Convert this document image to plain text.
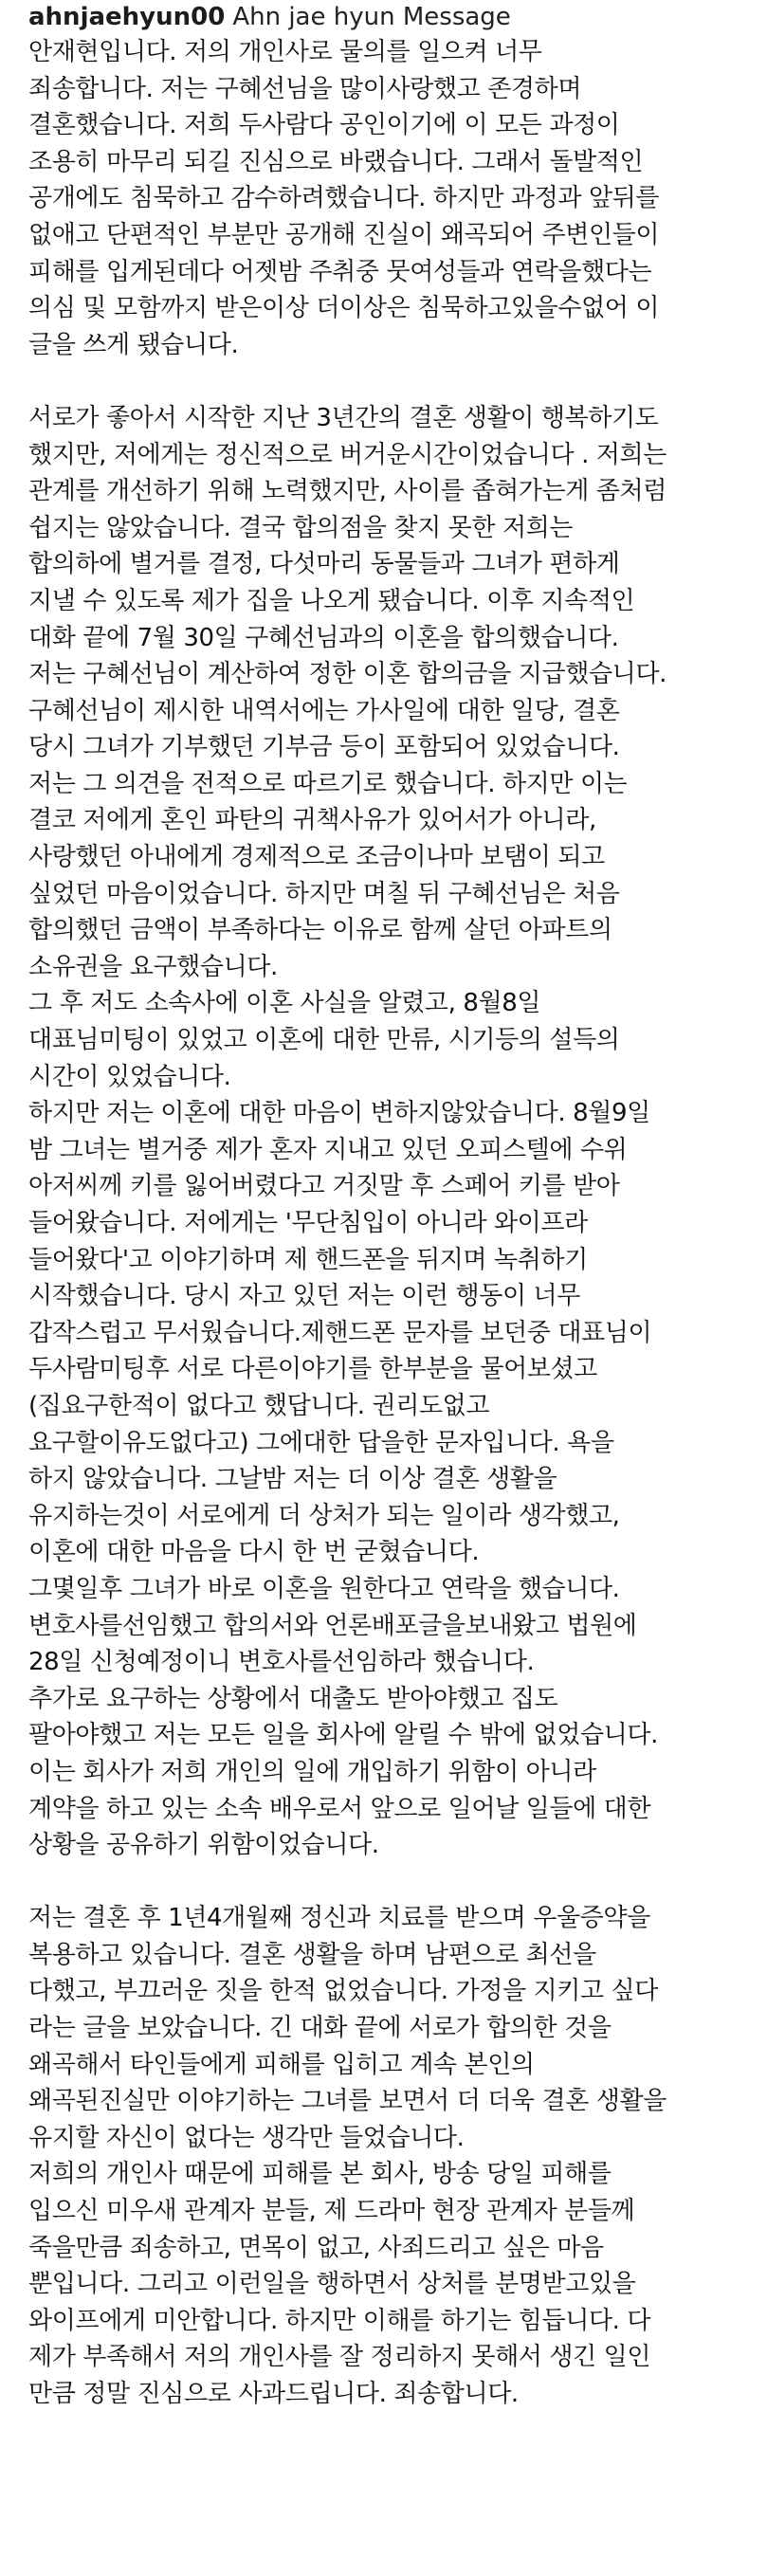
ahnjaehyun00 Ahn jae hyun Message
안재현입니다. 저의 개인사로 물의를 일으켜 너무
죄송합니다. 저는 구혜선님을 많이사랑했고 존경하며
결혼했습니다. 저희 두사람다 공인이기에 이 모든 과정이
조용히 마무리 되길 진심으로 바랬습니다. 그래서 돌발적인
공개에도 침묵하고 감수하려했습니다. 하지만 과정과 앞뒤를
없애고 단편적인 부분만 공개해 진실이 왜곡되어 주변인들이
피해를 입게된데다 어젯밤 주취중 뭇여성들과 연락을했다는
의심 및 모함까지 받은이상 더이상은 침묵하고있을수없어 이
글을 쓰게 됐습니다.
서로가 좋아서 시작한 지난 3년간의 결혼 생활이 행복하기도
했지만, 저에게는 정신적으로 버거운시간이었습니다 . 저희는
관계를 개선하기 위해 노력했지만, 사이를 좁혀가는게 좀처럼
쉽지는 않았습니다. 결국 합의점을 찾지 못한 저희는
합의하에 별거를 결정, 다섯마리 동물들과 그녀가 편하게
지낼 수 있도록 제가 집을 나오게 됐습니다. 이후 지속적인
대화 끝에 7월 30일 구혜선님과의 이혼을 합의했습니다.
저는 구혜선님이 계산하여 정한 이혼 합의금을 지급했습니다.
구혜선님이 제시한 내역서에는 가사일에 대한 일당, 결혼
당시 그녀가 기부했던 기부금 등이 포함되어 있었습니다.
저는 그 의견을 전적으로 따르기로 했습니다. 하지만 이는
결코 저에게 혼인 파탄의 귀책사유가 있어서가 아니라,
사랑했던 아내에게 경제적으로 조금이나마 보탬이 되고
싶었던 마음이었습니다. 하지만 며칠 뒤 구혜선님은 처음
합의했던 금액이 부족하다는 이유로 함께 살던 아파트의
소유권을 요구했습니다.
그 후 저도 소속사에 이혼 사실을 알렸고, 8월8일
대표님미팅이 있었고 이혼에 대한 만류, 시기등의 설득의
시간이 있었습니다.
하지만 저는 이혼에 대한 마음이 변하지않았습니다. 8월9일
밤 그녀는 별거중 제가 혼자 지내고 있던 오피스텔에 수위
아저씨께 키를 잃어버렸다고 거짓말 후 스페어 키를 받아
들어왔습니다. 저에게는 '무단침입이 아니라 와이프라
들어왔다'고 이야기하며 제 핸드폰을 뒤지며 녹취하기
시작했습니다. 당시 자고 있던 저는 이런 행동이 너무
갑작스럽고 무서웠습니다.제핸드폰 문자를 보던중 대표님이
두사람미팅후 서로 다른이야기를 한부분을 물어보셨고
(집요구한적이 없다고 했답니다. 권리도없고
요구할이유도없다고) 그에대한 답을한 문자입니다. 욕을
하지 않았습니다. 그날밤 저는 더 이상 결혼 생활을
유지하는것이 서로에게 더 상처가 되는 일이라 생각했고,
이혼에 대한 마음을 다시 한 번 굳혔습니다.
그몇일후 그녀가 바로 이혼을 원한다고 연락을 했습니다.
변호사를선임했고 합의서와 언론배포글을보내왔고 법원에
28일 신청예정이니 변호사를선임하라 했습니다.
추가로 요구하는 상황에서 대출도 받아야했고 집도
팔아야했고 저는 모든 일을 회사에 알릴 수 밖에 없었습니다.
이는 회사가 저희 개인의 일에 개입하기 위함이 아니라
계약을 하고 있는 소속 배우로서 앞으로 일어날 일들에 대한
상황을 공유하기 위함이었습니다.
저는 결혼 후 1년4개월째 정신과 치료를 받으며 우울증약을
복용하고 있습니다. 결혼 생활을 하며 남편으로 최선을
다했고, 부끄러운 짓을 한적 없었습니다. 가정을 지키고 싶다
라는 글을 보았습니다. 긴 대화 끝에 서로가 합의한 것을
왜곡해서 타인들에게 피해를 입히고 계속 본인의
왜곡된진실만 이야기하는 그녀를 보면서 더 더욱 결혼 생활을
유지할 자신이 없다는 생각만 들었습니다.
저희의 개인사 때문에 피해를 본 회사, 방송 당일 피해를
입으신 미우새 관계자 분들, 제 드라마 현장 관계자 분들께
죽을만큼 죄송하고, 면목이 없고, 사죄드리고 싶은 마음
뿐입니다. 그리고 이런일을 행하면서 상처를 분명받고있을
와이프에게 미안합니다. 하지만 이해를 하기는 힘듭니다. 다
제가 부족해서 저의 개인사를 잘 정리하지 못해서 생긴 일인
만큼 정말 진심으로 사과드립니다. 죄송합니다.
